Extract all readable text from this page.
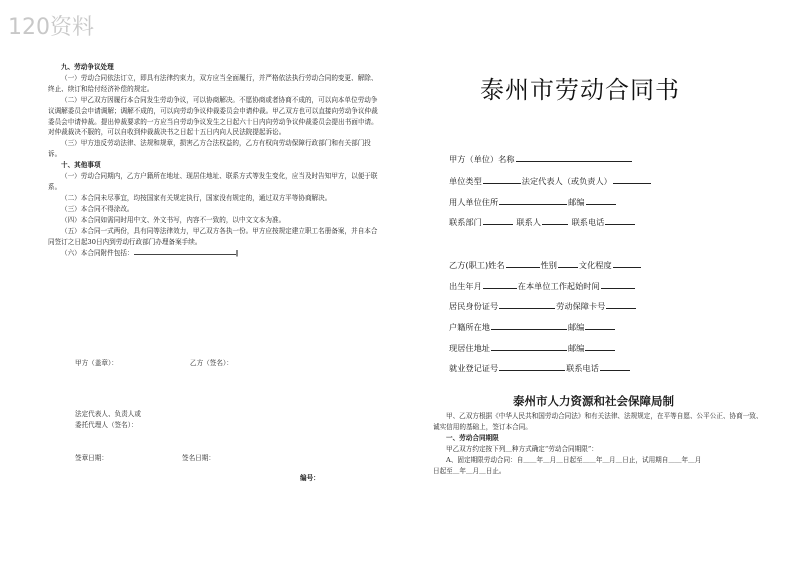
120资料

九、劳动争议处理

（一）劳动合同依法订立，即具有法律约束力，双方应当全面履行，并严格依法执行劳动合同的变更、解除、终止、续订和给付经济补偿的规定。

（二）甲乙双方因履行本合同发生劳动争议，可以协商解决。不愿协商或者协商不成的，可以向本单位劳动争议调解委员会申请调解；调解不成的，可以向劳动争议仲裁委员会申请仲裁。甲乙双方也可以直接向劳动争议仲裁委员会申请仲裁。提出仲裁要求的一方应当自劳动争议发生之日起六十日内向劳动争议仲裁委员会提出书面申请。对仲裁裁决不服的，可以自收到仲裁裁决书之日起十五日内向人民法院提起诉讼。

（三）甲方违反劳动法律、法规和规章，损害乙方合法权益的，乙方有权向劳动保障行政部门和有关部门投诉。

十、其他事项

（一）劳动合同期内，乙方户籍所在地址、现居住地址、联系方式等发生变化，应当及时告知甲方，以便于联系。

（二）本合同未尽事宜，均按国家有关规定执行，国家没有规定的，通过双方平等协商解决。

（三）本合同不得涂改。

（四）本合同如需同时用中文、外文书写，内容不一致的，以中文文本为准。

（五）本合同一式两份，具有同等法律效力，甲乙双方各执一份。甲方应按规定建立职工名册备案，并自本合同签订之日起30日内到劳动行政部门办理备案手续。

（六）本合同附件包括：	‖

甲方（盖章）：	乙方（签名）：
法定代表人、负责人或
委托代理人（签名）：
签章日期：	签名日期：
编号：
泰州市劳动合同书
甲方（单位）名称
单位类型	法定代表人（或负责人）
用人单位住所	邮编
联系部门	联系人	联系电话
乙方(职工)姓名	性别	文化程度
出生年月	在本单位工作起始时间
居民身份证号	劳动保障卡号
户籍所在地	邮编
现居住地址	邮编
就业登记证号	联系电话
泰州市人力资源和社会保障局制

甲、乙双方根据《中华人民共和国劳动合同法》和有关法律、法规规定，在平等自愿、公平公正、协商一致、诚实信用的基础上，签订本合同。

一、劳动合同期限

甲乙双方约定按下列＿种方式确定“劳动合同期限”：

A、固定期限劳动合同：自＿＿年＿月＿日起至＿＿年＿月＿日止，试用期自＿＿年＿月

日起至＿年＿月＿日止。
